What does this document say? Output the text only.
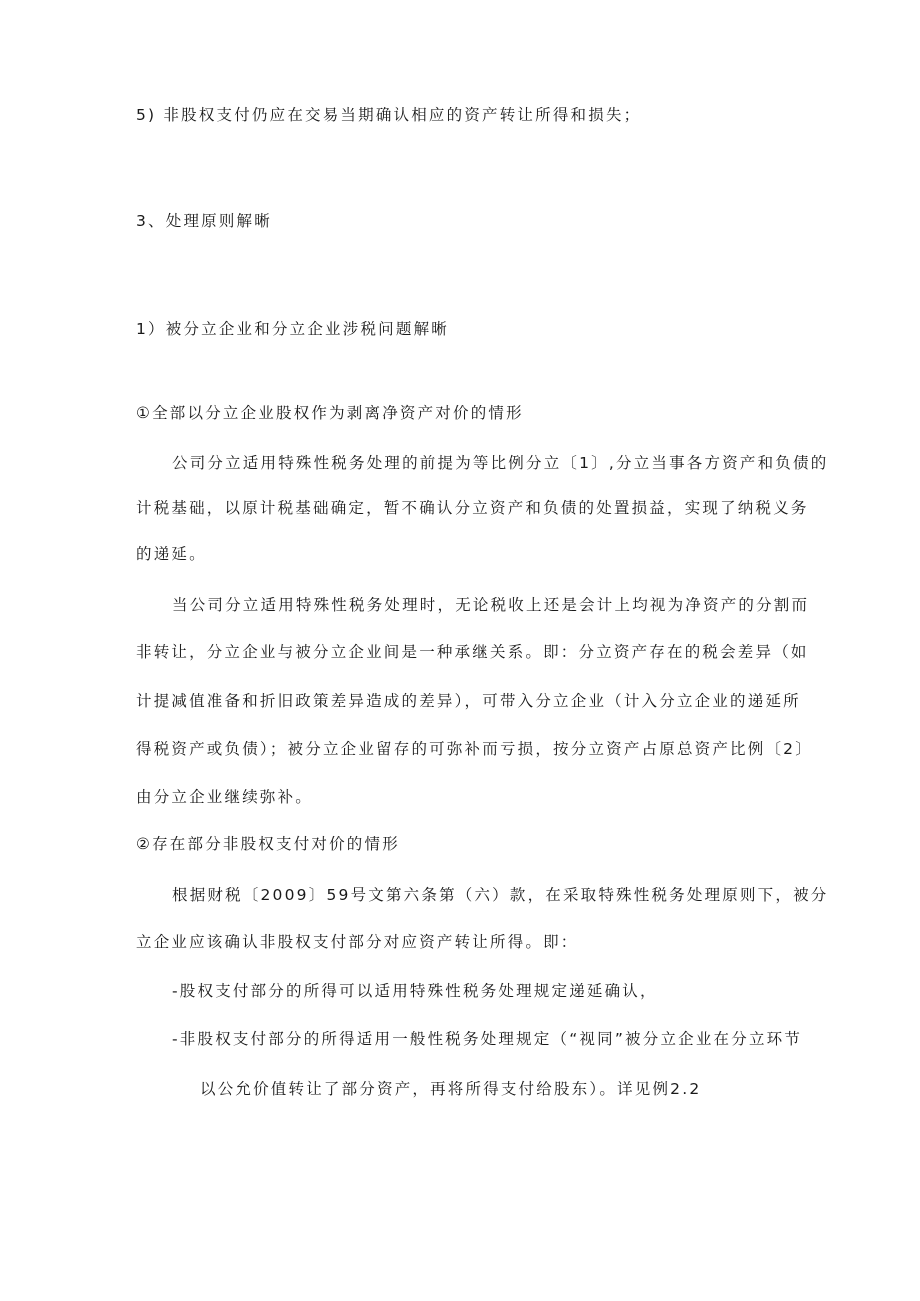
5) 非股权支付仍应在交易当期确认相应的资产转让所得和损失；
3、处理原则解晰
1）被分立企业和分立企业涉税问题解晰
①全部以分立企业股权作为剥离净资产对价的情形
公司分立适用特殊性税务处理的前提为等比例分立〔1〕,分立当事各方资产和负债的
计税基础，以原计税基础确定，暂不确认分立资产和负债的处置损益，实现了纳税义务
的递延。
当公司分立适用特殊性税务处理时，无论税收上还是会计上均视为净资产的分割而
非转让，分立企业与被分立企业间是一种承继关系。即：分立资产存在的税会差异（如
计提减值准备和折旧政策差异造成的差异），可带入分立企业（计入分立企业的递延所
得税资产或负债）；被分立企业留存的可弥补而亏损，按分立资产占原总资产比例〔2〕
由分立企业继续弥补。
②存在部分非股权支付对价的情形
根据财税〔2009〕59号文第六条第（六）款，在采取特殊性税务处理原则下，被分
立企业应该确认非股权支付部分对应资产转让所得。即：
-股权支付部分的所得可以适用特殊性税务处理规定递延确认，
-非股权支付部分的所得适用一般性税务处理规定（“视同”被分立企业在分立环节
以公允价值转让了部分资产，再将所得支付给股东）。详见例2.2
